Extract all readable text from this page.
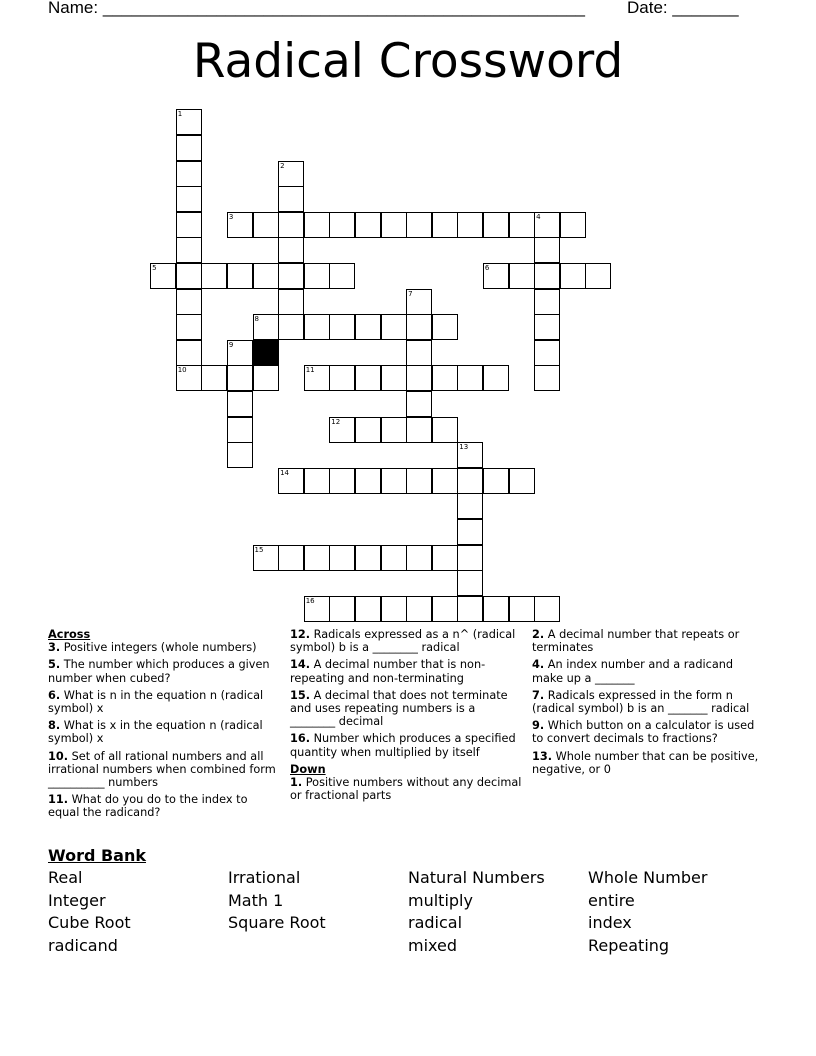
Name: ___________________________________________________ Date: _______
Radical Crossword
1
2
3	4
5	6
7
8
9
10	11
12
13
14
15
16
Across
3. Positive integers (whole numbers)
5. The number which produces a given number when cubed?
6. What is n in the equation n (radical symbol) x
8. What is x in the equation n (radical symbol) x
10. Set of all rational numbers and all irrational numbers when combined form __________ numbers
11. What do you do to the index to equal the radicand?
12. Radicals expressed as a n^ (radical symbol) b is a ________ radical
14. A decimal number that is non-repeating and non-terminating
15. A decimal that does not terminate and uses repeating numbers is a ________ decimal
16. Number which produces a specified quantity when multiplied by itself
Down
1. Positive numbers without any decimal or fractional parts
2. A decimal number that repeats or terminates
4. An index number and a radicand make up a _______
7. Radicals expressed in the form n (radical symbol) b is an _______ radical
9. Which button on a calculator is used to convert decimals to fractions?
13. Whole number that can be positive, negative, or 0
Word Bank
Real
Integer
Cube Root
radicand
Irrational
Math 1
Square Root
Natural Numbers
multiply
radical
mixed
Whole Number
entire
index
Repeating
